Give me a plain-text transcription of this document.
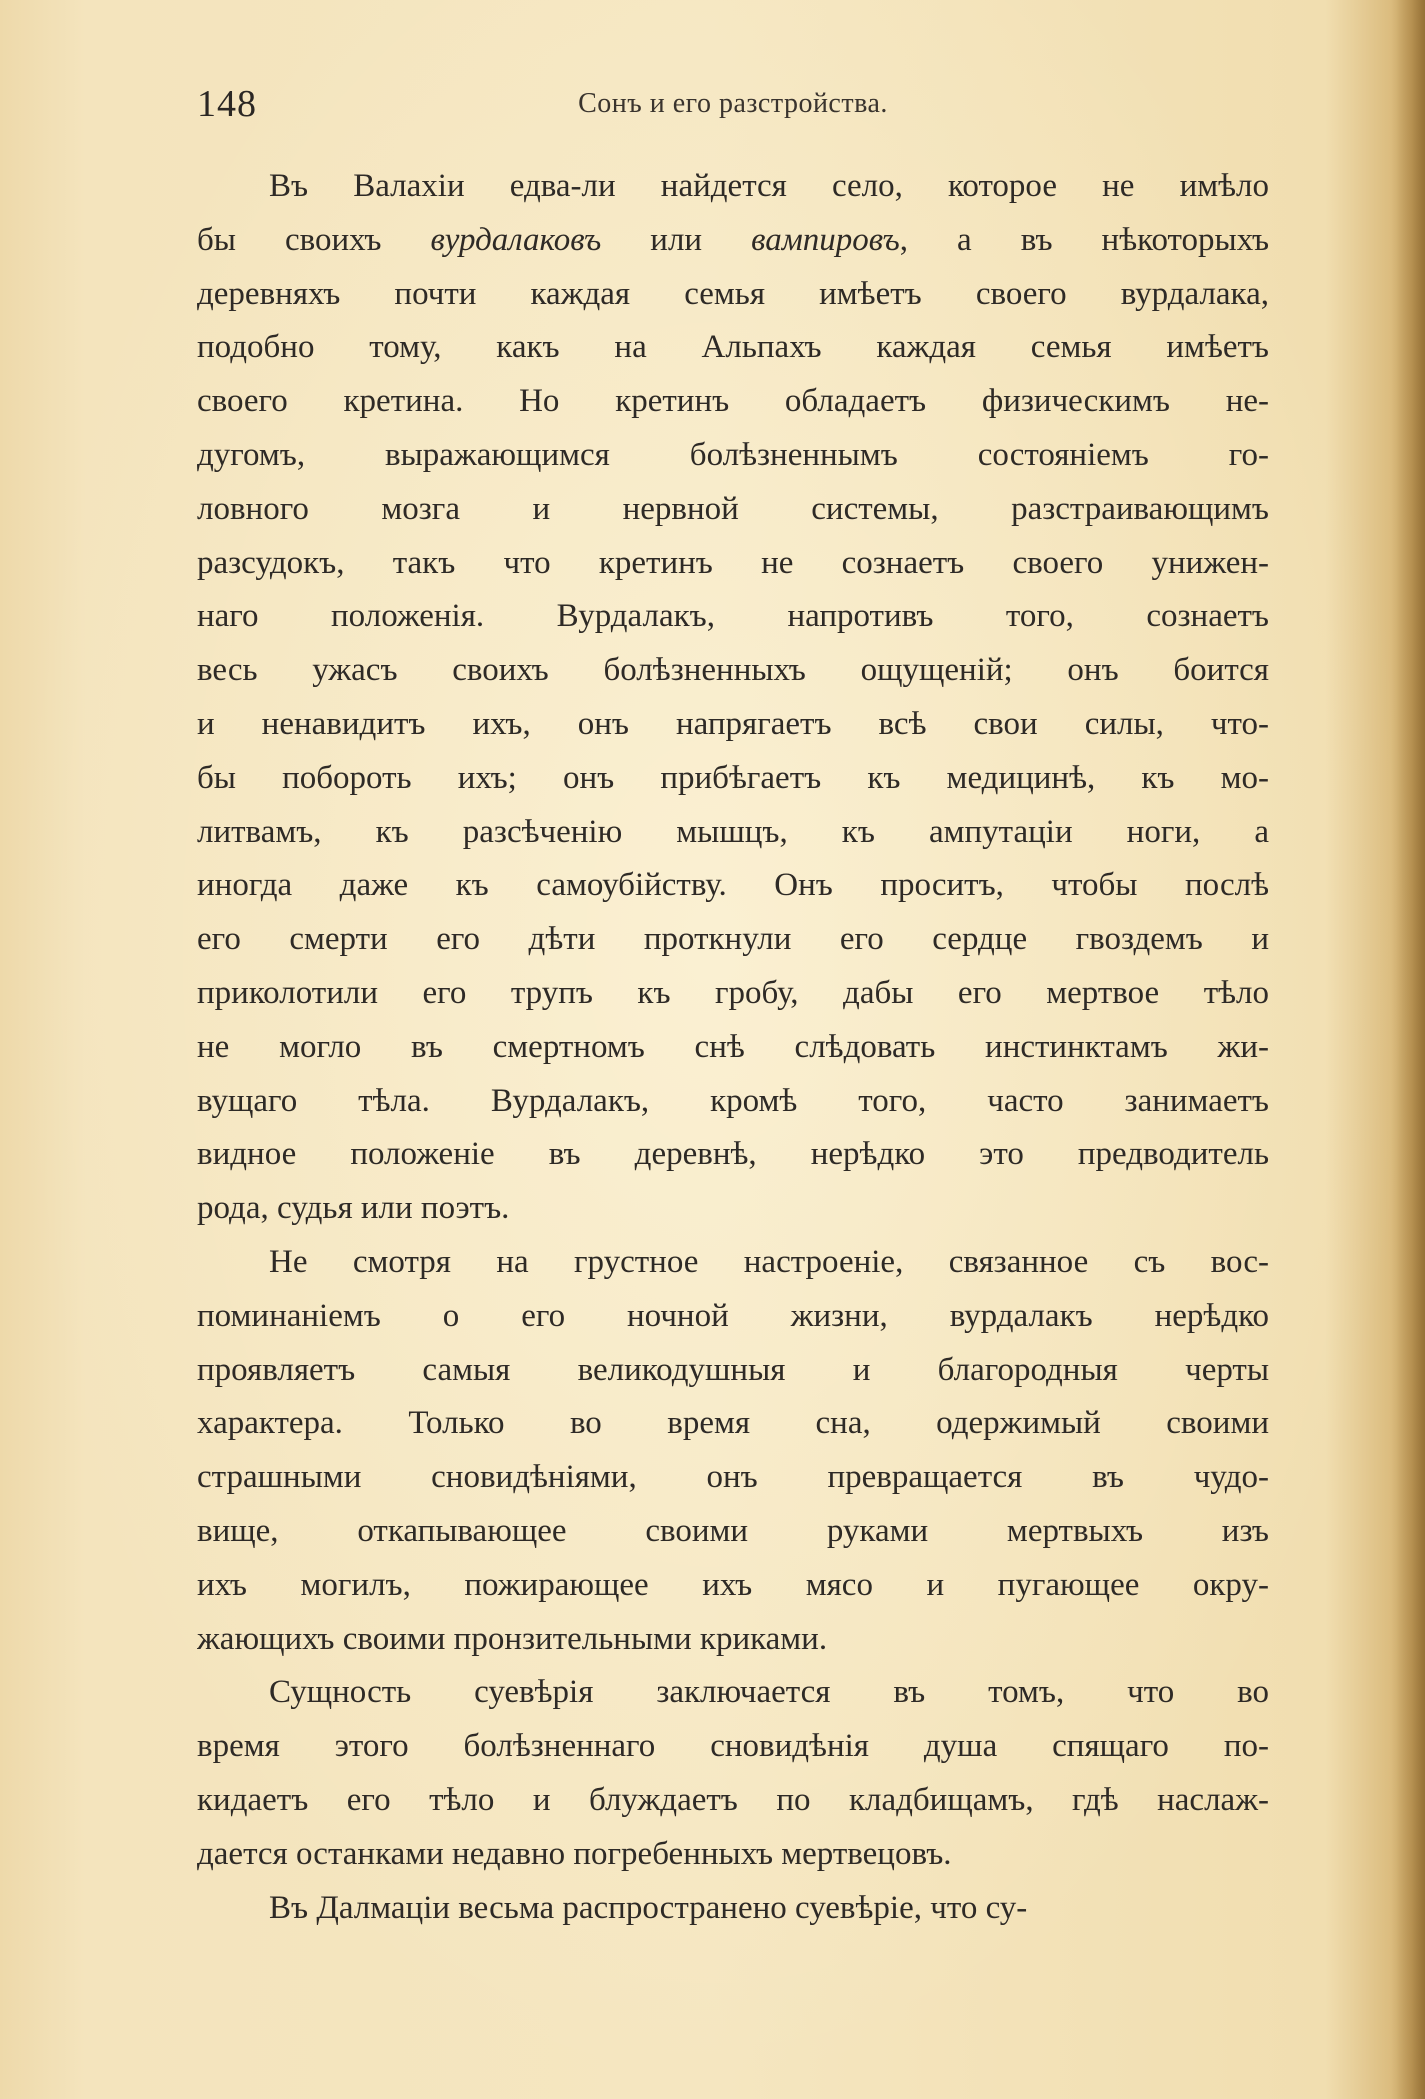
148	Сонъ и его разстройства.
Въ Валахіи едва-ли найдется село, которое не имѣло
бы своихъ вурдалаковъ или вампировъ, а въ нѣкоторыхъ
деревняхъ почти каждая семья имѣетъ своего вурдалака,
подобно тому, какъ на Альпахъ каждая семья имѣетъ
своего кретина. Но кретинъ обладаетъ физическимъ не-
дугомъ, выражающимся болѣзненнымъ состояніемъ го-
ловного мозга и нервной системы, разстраивающимъ
разсудокъ, такъ что кретинъ не сознаетъ своего унижен-
наго положенія. Вурдалакъ, напротивъ того, сознаетъ
весь ужасъ своихъ болѣзненныхъ ощущеній; онъ боится
и ненавидитъ ихъ, онъ напрягаетъ всѣ свои силы, что-
бы побороть ихъ; онъ прибѣгаетъ къ медицинѣ, къ мо-
литвамъ, къ разсѣченію мышцъ, къ ампутаціи ноги, а
иногда даже къ самоубійству. Онъ проситъ, чтобы послѣ
его смерти его дѣти проткнули его сердце гвоздемъ и
приколотили его трупъ къ гробу, дабы его мертвое тѣло
не могло въ смертномъ снѣ слѣдовать инстинктамъ жи-
вущаго тѣла. Вурдалакъ, кромѣ того, часто занимаетъ
видное положеніе въ деревнѣ, нерѣдко это предводитель
рода, судья или поэтъ.
Не смотря на грустное настроеніе, связанное съ вос-
поминаніемъ о его ночной жизни, вурдалакъ нерѣдко
проявляетъ самыя великодушныя и благородныя черты
характера. Только во время сна, одержимый своими
страшными сновидѣніями, онъ превращается въ чудо-
вище, откапывающее своими руками мертвыхъ изъ
ихъ могилъ, пожирающее ихъ мясо и пугающее окру-
жающихъ своими пронзительными криками.
Сущность суевѣрія заключается въ томъ, что во
время этого болѣзненнаго сновидѣнія душа спящаго по-
кидаетъ его тѣло и блуждаетъ по кладбищамъ, гдѣ наслаж-
дается останками недавно погребенныхъ мертвецовъ.
Въ Далмаціи весьма распространено суевѣріе, что су-
